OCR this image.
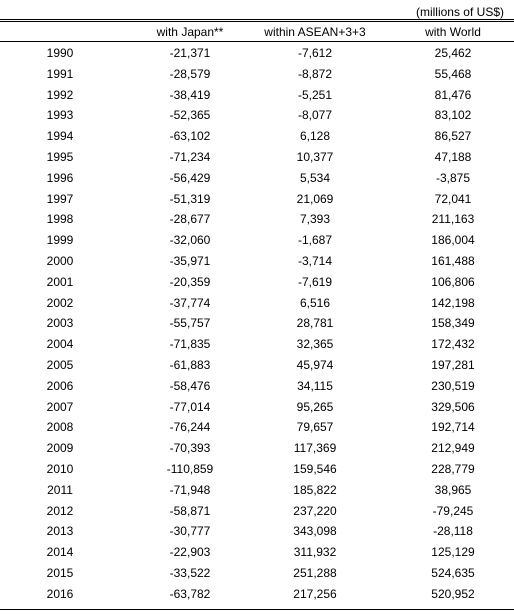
(millions of US$)
with Japan**	within ASEAN+3+3	with World
1990	-21,371	-7,612	25,462
1991	-28,579	-8,872	55,468
1992	-38,419	-5,251	81,476
1993	-52,365	-8,077	83,102
1994	-63,102	6,128	86,527
1995	-71,234	10,377	47,188
1996	-56,429	5,534	-3,875
1997	-51,319	21,069	72,041
1998	-28,677	7,393	211,163
1999	-32,060	-1,687	186,004
2000	-35,971	-3,714	161,488
2001	-20,359	-7,619	106,806
2002	-37,774	6,516	142,198
2003	-55,757	28,781	158,349
2004	-71,835	32,365	172,432
2005	-61,883	45,974	197,281
2006	-58,476	34,115	230,519
2007	-77,014	95,265	329,506
2008	-76,244	79,657	192,714
2009	-70,393	117,369	212,949
2010	-110,859	159,546	228,779
2011	-71,948	185,822	38,965
2012	-58,871	237,220	-79,245
2013	-30,777	343,098	-28,118
2014	-22,903	311,932	125,129
2015	-33,522	251,288	524,635
2016	-63,782	217,256	520,952
